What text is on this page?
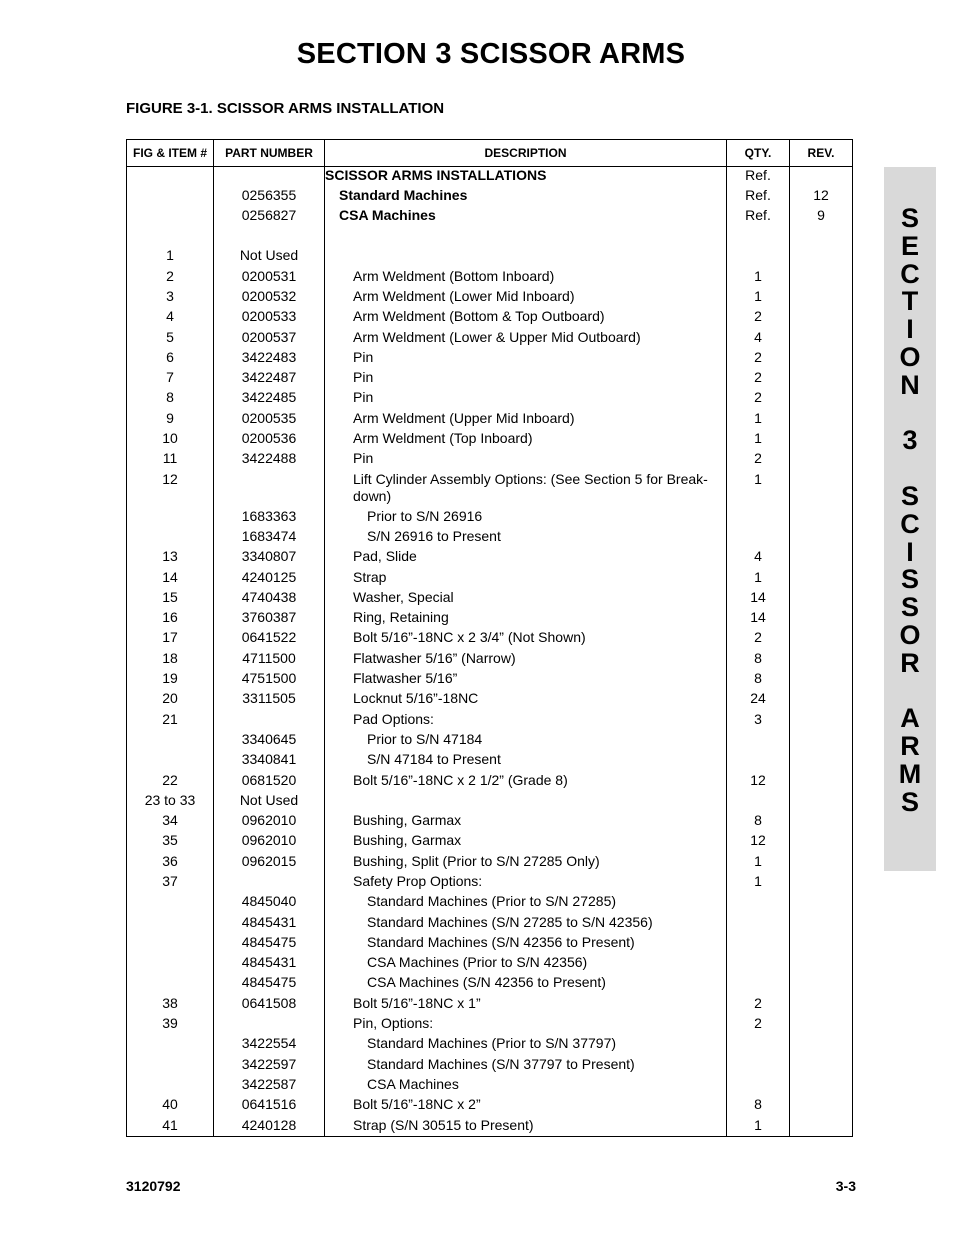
SECTION 3 SCISSOR ARMS
FIGURE 3-1. SCISSOR ARMS INSTALLATION
FIG & ITEM #	PART NUMBER	DESCRIPTION	QTY.	REV.
		SCISSOR ARMS INSTALLATIONS	Ref.	
	0256355	Standard Machines	Ref.	12
	0256827	CSA Machines	Ref.	9

1	Not Used			
2	0200531	Arm Weldment (Bottom Inboard)	1	
3	0200532	Arm Weldment (Lower Mid Inboard)	1	
4	0200533	Arm Weldment (Bottom & Top Outboard)	2	
5	0200537	Arm Weldment (Lower & Upper Mid Outboard)	4	
6	3422483	Pin	2	
7	3422487	Pin	2	
8	3422485	Pin	2	
9	0200535	Arm Weldment (Upper Mid Inboard)	1	
10	0200536	Arm Weldment (Top Inboard)	1	
11	3422488	Pin	2	
12		Lift Cylinder Assembly Options: (See Section 5 for Break-down)	1	
	1683363	Prior to S/N 26916		
	1683474	S/N 26916 to Present		
13	3340807	Pad, Slide	4	
14	4240125	Strap	1	
15	4740438	Washer, Special	14	
16	3760387	Ring, Retaining	14	
17	0641522	Bolt 5/16”-18NC x 2 3/4” (Not Shown)	2	
18	4711500	Flatwasher 5/16” (Narrow)	8	
19	4751500	Flatwasher 5/16”	8	
20	3311505	Locknut 5/16”-18NC	24	
21		Pad Options:	3	
	3340645	Prior to S/N 47184		
	3340841	S/N 47184 to Present		
22	0681520	Bolt 5/16”-18NC x 2 1/2” (Grade 8)	12	
23 to 33	Not Used			
34	0962010	Bushing, Garmax	8	
35	0962010	Bushing, Garmax	12	
36	0962015	Bushing, Split (Prior to S/N 27285 Only)	1	
37		Safety Prop Options:	1	
	4845040	Standard Machines (Prior to S/N 27285)		
	4845431	Standard Machines (S/N 27285 to S/N 42356)		
	4845475	Standard Machines (S/N 42356 to Present)		
	4845431	CSA Machines (Prior to S/N 42356)		
	4845475	CSA Machines (S/N 42356 to Present)		
38	0641508	Bolt 5/16”-18NC x 1”	2	
39		Pin, Options:	2	
	3422554	Standard Machines (Prior to S/N 37797)		
	3422597	Standard Machines (S/N 37797 to Present)		
	3422587	CSA Machines		
40	0641516	Bolt 5/16”-18NC x 2”	8	
41	4240128	Strap (S/N 30515 to Present)	1	
S
E
C
T
I
O
N
3
S
C
I
S
S
O
R
A
R
M
S
3120792	3-3
